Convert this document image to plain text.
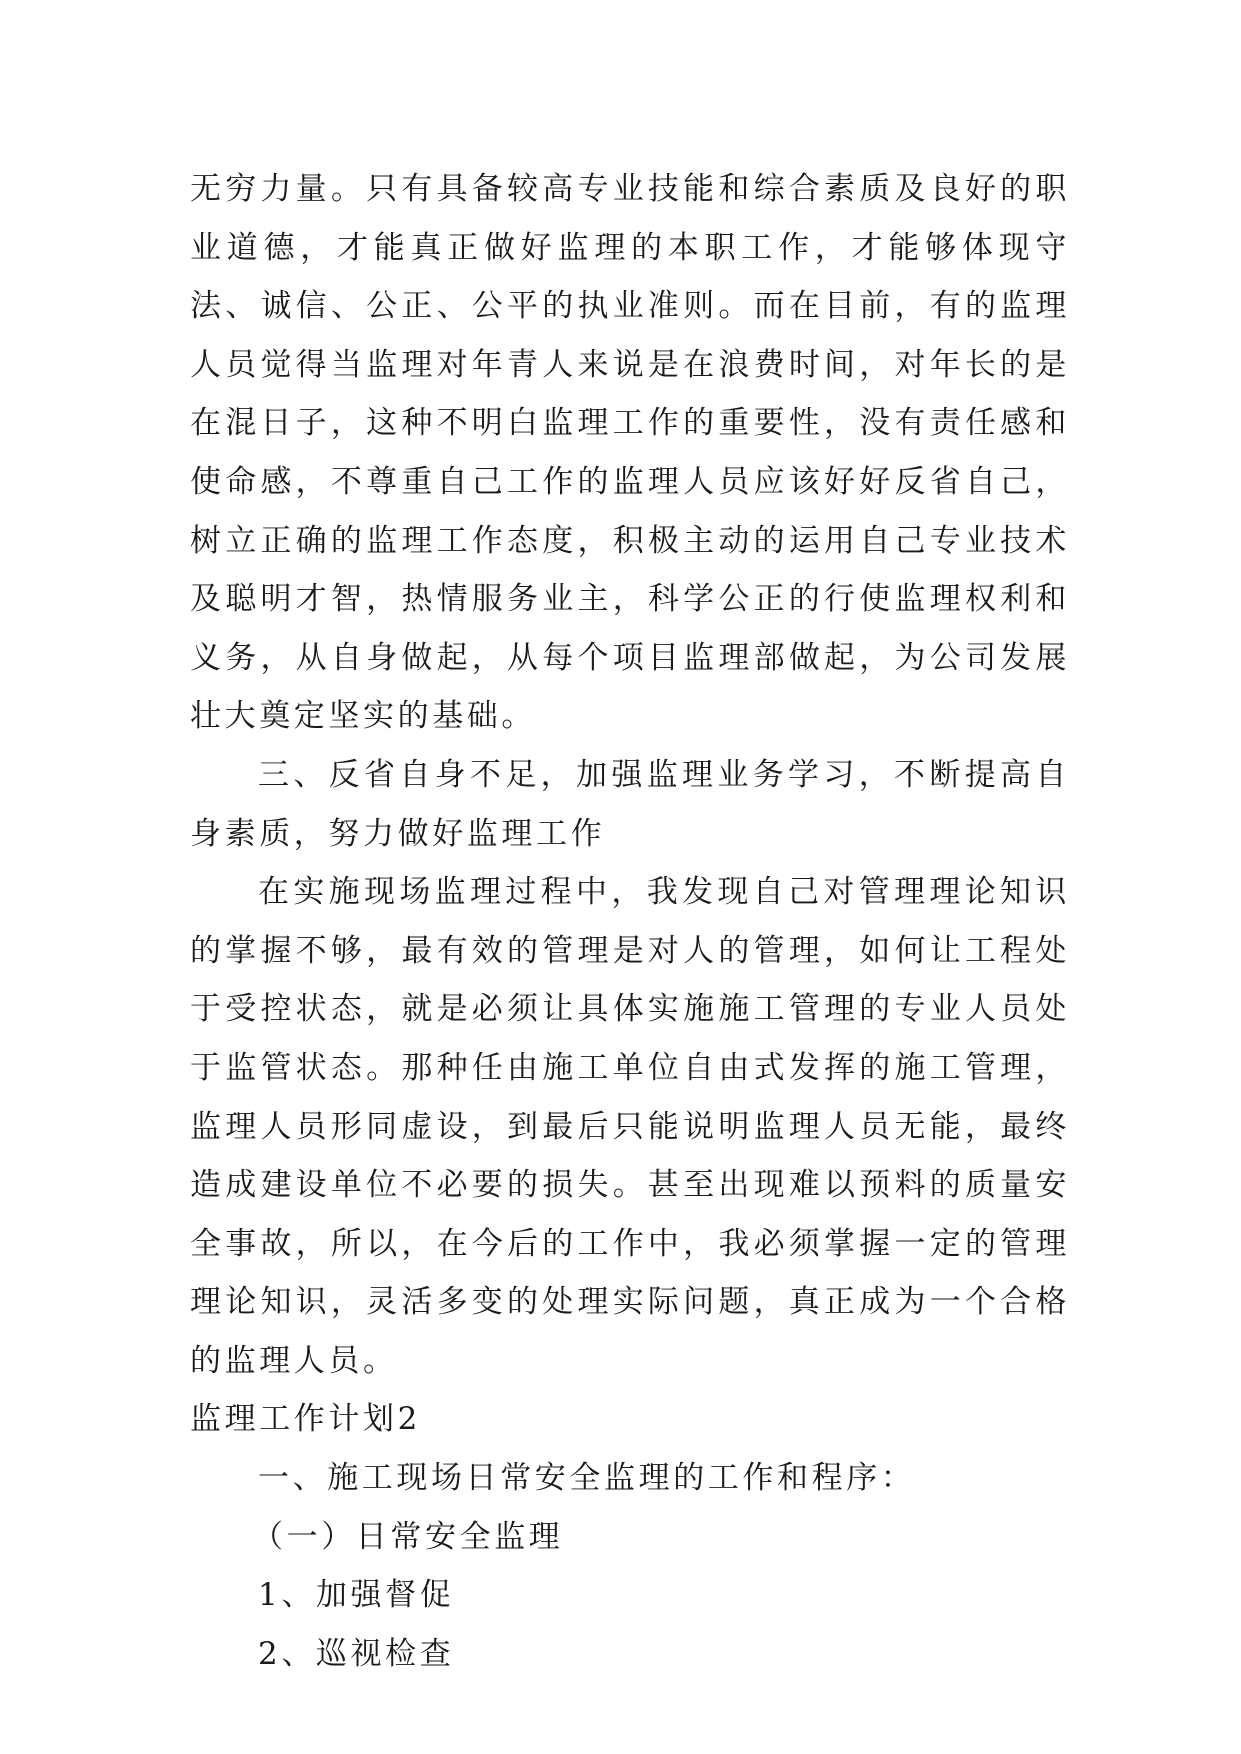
无穷力量。只有具备较高专业技能和综合素质及良好的职业道德，才能真正做好监理的本职工作，才能够体现守法、诚信、公正、公平的执业准则。而在目前，有的监理人员觉得当监理对年青人来说是在浪费时间，对年长的是在混日子，这种不明白监理工作的重要性，没有责任感和使命感，不尊重自己工作的监理人员应该好好反省自己，树立正确的监理工作态度，积极主动的运用自己专业技术及聪明才智，热情服务业主，科学公正的行使监理权利和义务，从自身做起，从每个项目监理部做起，为公司发展壮大奠定坚实的基础。

三、反省自身不足，加强监理业务学习，不断提高自身素质，努力做好监理工作

在实施现场监理过程中，我发现自己对管理理论知识的掌握不够，最有效的管理是对人的管理，如何让工程处于受控状态，就是必须让具体实施施工管理的专业人员处于监管状态。那种任由施工单位自由式发挥的施工管理，监理人员形同虚设，到最后只能说明监理人员无能，最终造成建设单位不必要的损失。甚至出现难以预料的质量安全事故，所以，在今后的工作中，我必须掌握一定的管理理论知识，灵活多变的处理实际问题，真正成为一个合格的监理人员。

监理工作计划2

一、施工现场日常安全监理的工作和程序：

（一）日常安全监理

1、加强督促

2、巡视检查
